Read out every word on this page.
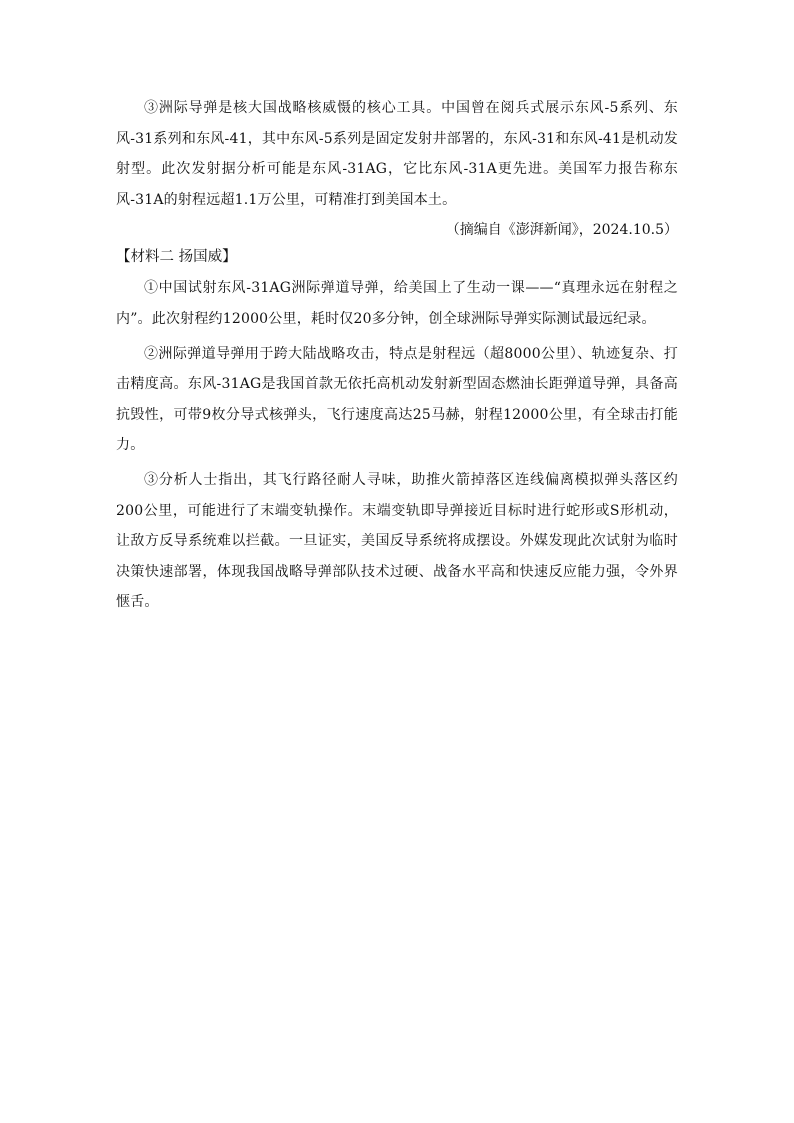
③洲际导弹是核大国战略核威慑的核心工具。中国曾在阅兵式展示东风-5系列、东风-31系列和东风-41，其中东风-5系列是固定发射井部署的，东风-31和东风-41是机动发射型。此次发射据分析可能是东风-31AG，它比东风-31A更先进。美国军力报告称东风-31A的射程远超1.1万公里，可精准打到美国本土。

（摘编自《澎湃新闻》，2024.10.5）

【材料二 扬国威】

①中国试射东风-31AG洲际弹道导弹，给美国上了生动一课——“真理永远在射程之内”。此次射程约12000公里，耗时仅20多分钟，创全球洲际导弹实际测试最远纪录。

②洲际弹道导弹用于跨大陆战略攻击，特点是射程远（超8000公里）、轨迹复杂、打击精度高。东风-31AG是我国首款无依托高机动发射新型固态燃油长距弹道导弹，具备高抗毁性，可带9枚分导式核弹头，飞行速度高达25马赫，射程12000公里，有全球击打能力。

③分析人士指出，其飞行路径耐人寻味，助推火箭掉落区连线偏离模拟弹头落区约200公里，可能进行了末端变轨操作。末端变轨即导弹接近目标时进行蛇形或S形机动，让敌方反导系统难以拦截。一旦证实，美国反导系统将成摆设。外媒发现此次试射为临时决策快速部署，体现我国战略导弹部队技术过硬、战备水平高和快速反应能力强，令外界惬舌。
